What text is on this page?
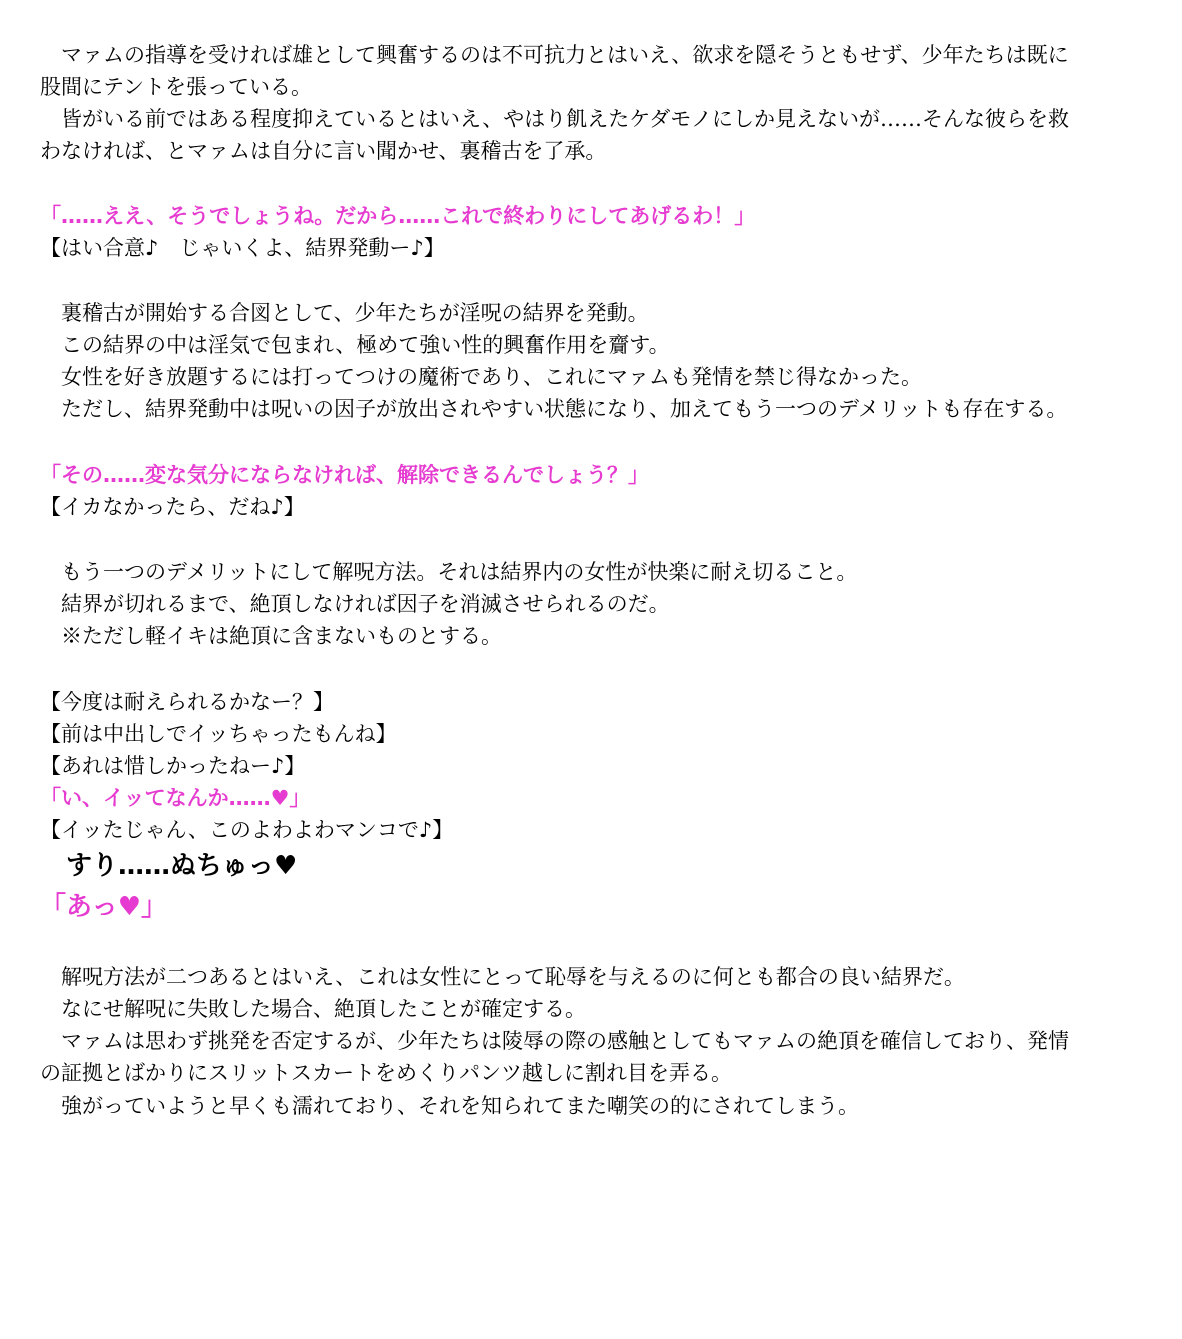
　マァムの指導を受ければ雄として興奮するのは不可抗力とはいえ、欲求を隠そうともせず、少年たちは既に
股間にテントを張っている。
　皆がいる前ではある程度抑えているとはいえ、やはり飢えたケダモノにしか見えないが……そんな彼らを救
わなければ、とマァムは自分に言い聞かせ、裏稽古を了承。
「……ええ、そうでしょうね。だから……これで終わりにしてあげるわ！」
【はい合意♪　じゃいくよ、結界発動ー♪】
　裏稽古が開始する合図として、少年たちが淫呪の結界を発動。
　この結界の中は淫気で包まれ、極めて強い性的興奮作用を齎す。
　女性を好き放題するには打ってつけの魔術であり、これにマァムも発情を禁じ得なかった。
　ただし、結界発動中は呪いの因子が放出されやすい状態になり、加えてもう一つのデメリットも存在する。
「その……変な気分にならなければ、解除できるんでしょう？」
【イカなかったら、だね♪】
　もう一つのデメリットにして解呪方法。それは結界内の女性が快楽に耐え切ること。
　結界が切れるまで、絶頂しなければ因子を消滅させられるのだ。
　※ただし軽イキは絶頂に含まないものとする。
【今度は耐えられるかなー？】
【前は中出しでイッちゃったもんね】
【あれは惜しかったねー♪】
「い、イッてなんか……♥」
【イッたじゃん、このよわよわマンコで♪】
　すり……ぬちゅっ♥
「あっ♥」
　解呪方法が二つあるとはいえ、これは女性にとって恥辱を与えるのに何とも都合の良い結界だ。
　なにせ解呪に失敗した場合、絶頂したことが確定する。
　マァムは思わず挑発を否定するが、少年たちは陵辱の際の感触としてもマァムの絶頂を確信しており、発情
の証拠とばかりにスリットスカートをめくりパンツ越しに割れ目を弄る。
　強がっていようと早くも濡れており、それを知られてまた嘲笑の的にされてしまう。
